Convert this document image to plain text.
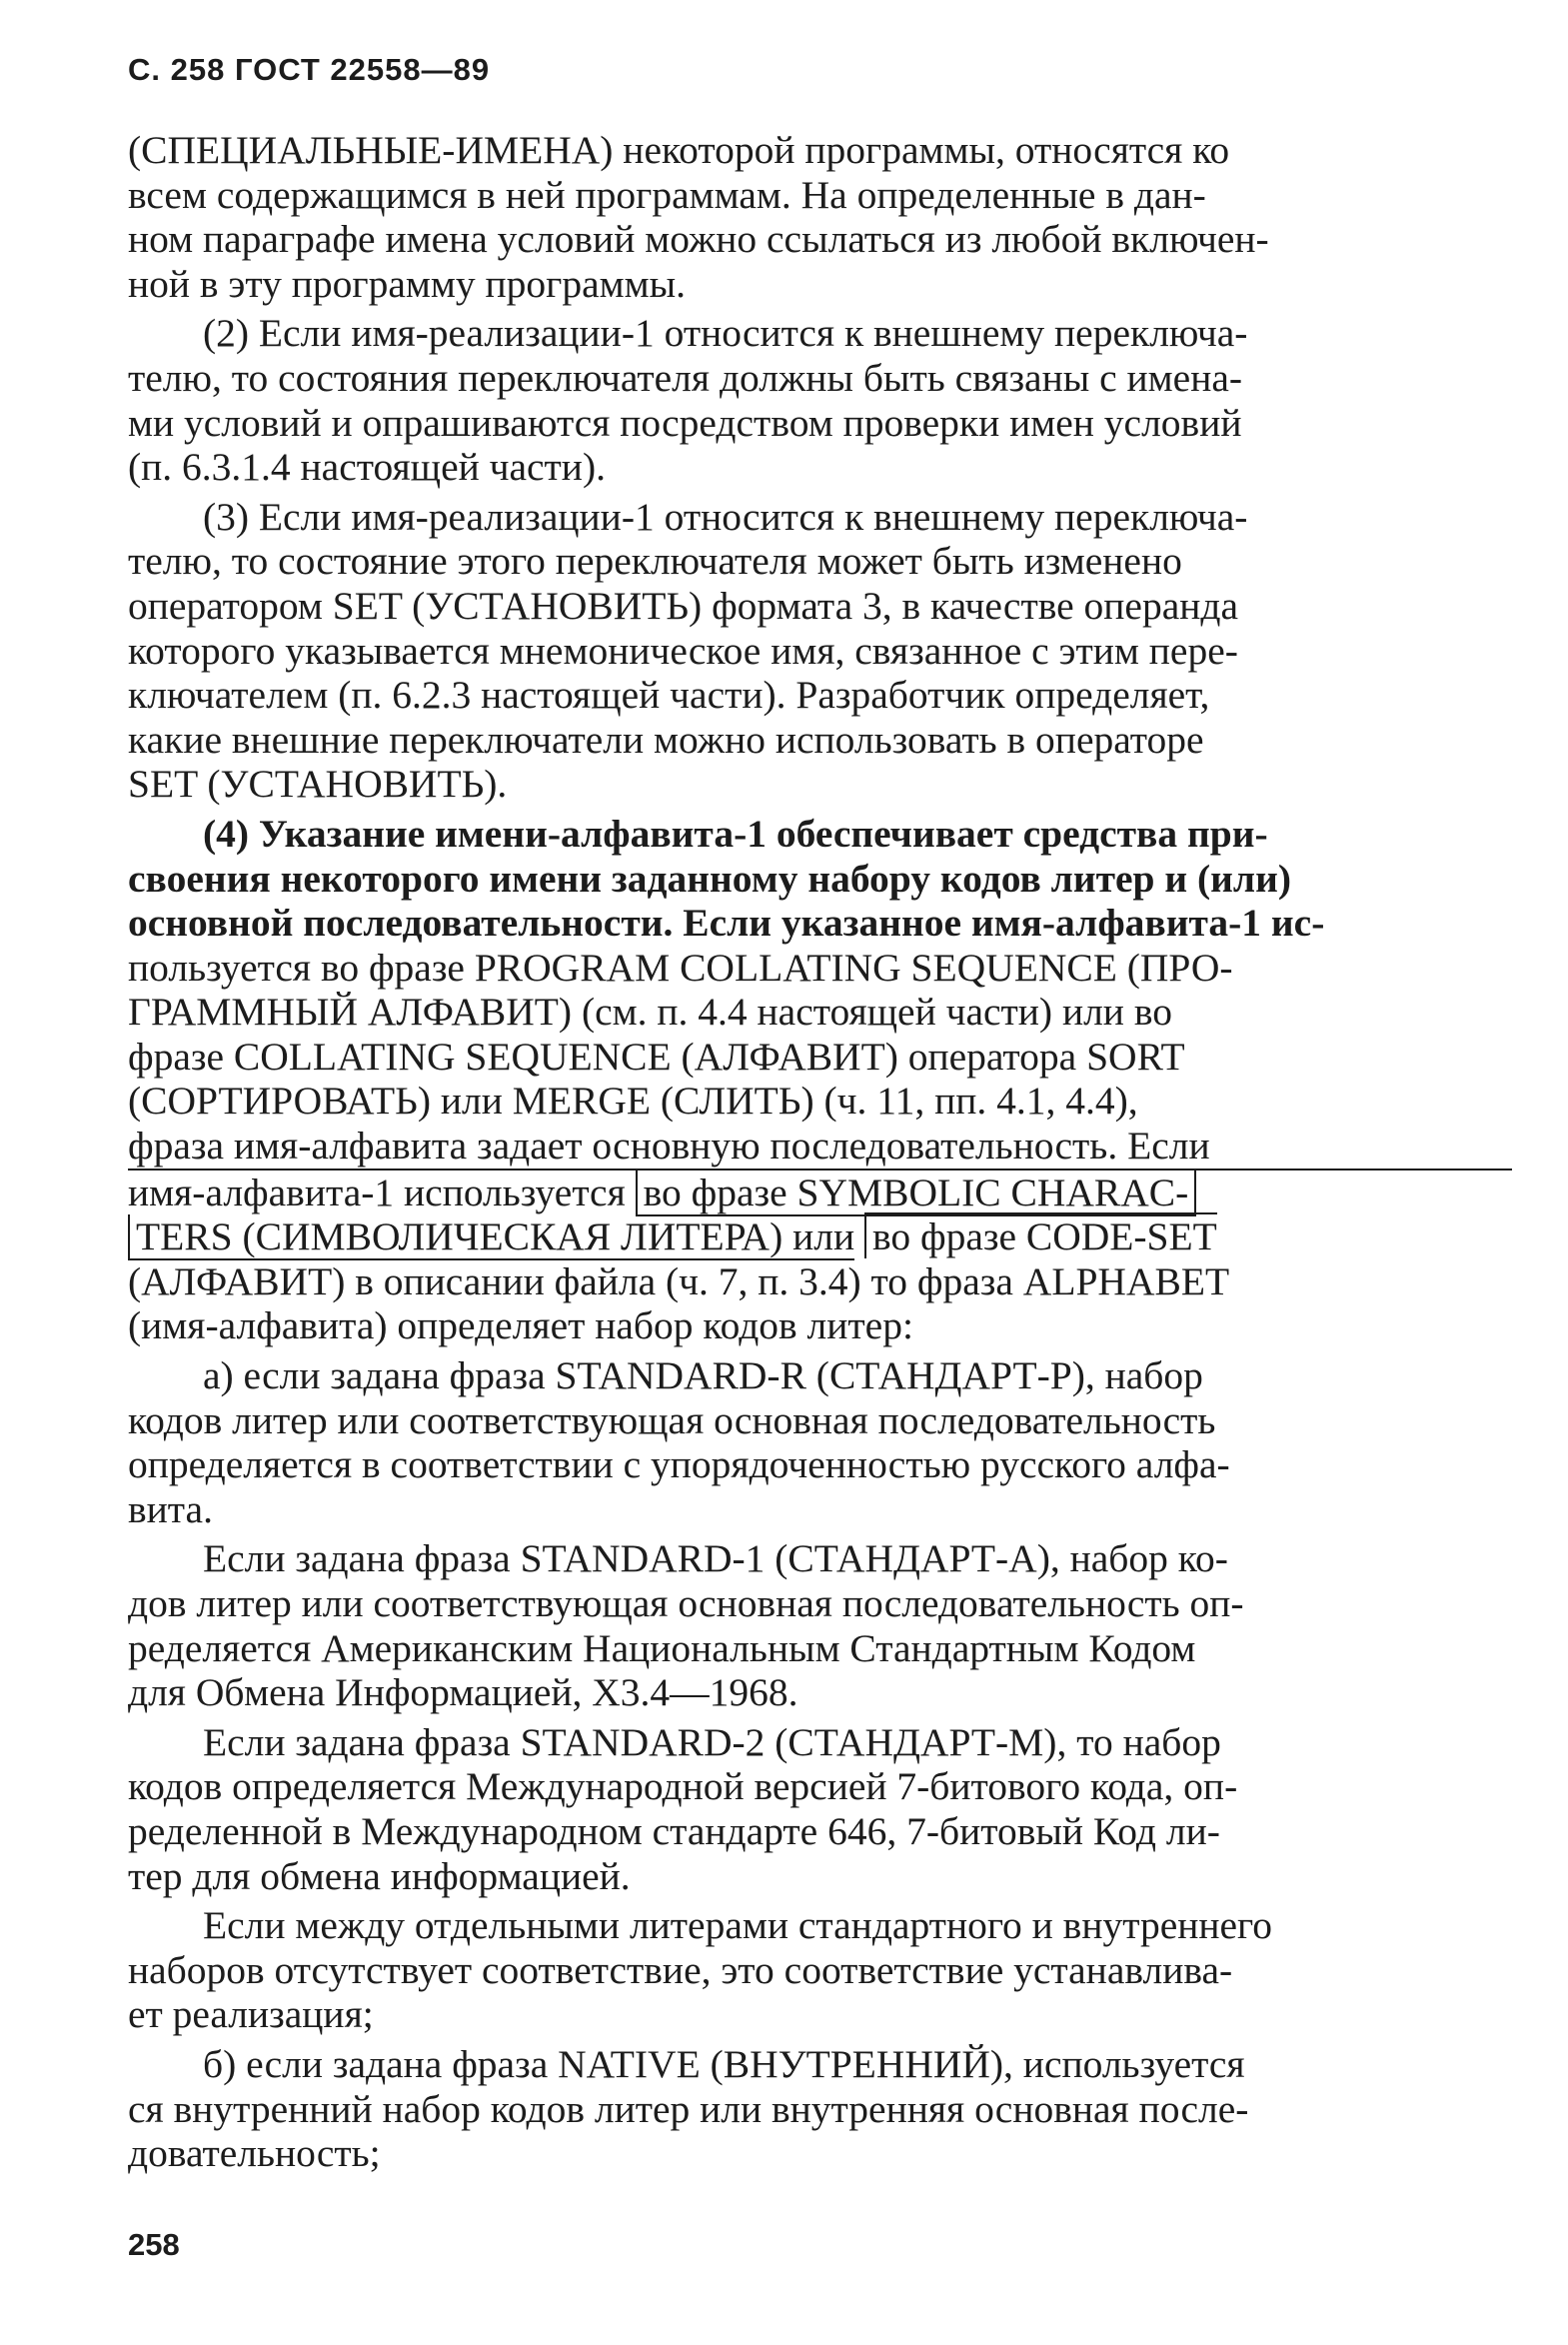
С. 258 ГОСТ 22558—89
(СПЕЦИАЛЬНЫЕ-ИМЕНА) некоторой программы, относятся ко
всем содержащимся в ней программам. На определенные в дан-
ном параграфе имена условий можно ссылаться из любой включен-
ной в эту программу программы.
(2) Если имя-реализации-1 относится к внешнему переключа-
телю, то состояния переключателя должны быть связаны с имена-
ми условий и опрашиваются посредством проверки имен условий
(п. 6.3.1.4 настоящей части).
(3) Если имя-реализации-1 относится к внешнему переключа-
телю, то состояние этого переключателя может быть изменено
оператором SET (УСТАНОВИТЬ) формата 3, в качестве операнда
которого указывается мнемоническое имя, связанное с этим пере-
ключателем (п. 6.2.3 настоящей части). Разработчик определяет,
какие внешние переключатели можно использовать в операторе
SET (УСТАНОВИТЬ).
(4) Указание имени-алфавита-1 обеспечивает средства при-
своения некоторого имени заданному набору кодов литер и (или)
основной последовательности. Если указанное имя-алфавита-1 ис-
пользуется во фразе PROGRAM COLLATING SEQUENCE (ПРО-
ГРАММНЫЙ АЛФАВИТ) (см. п. 4.4 настоящей части) или во
фразе COLLATING SEQUENCE (АЛФАВИТ) оператора SORT
(СОРТИРОВАТЬ) или MERGE (СЛИТЬ) (ч. 11, пп. 4.1, 4.4),
фраза имя-алфавита задает основную последовательность. Если
имя-алфавита-1 используется во фразе SYMBOLIC CHARAC-
TERS (СИМВОЛИЧЕСКАЯ ЛИТЕРА) или во фразе CODE-SET
(АЛФАВИТ) в описании файла (ч. 7, п. 3.4) то фраза ALPHABET
(имя-алфавита) определяет набор кодов литер:
а) если задана фраза STANDARD-R (СТАНДАРТ-Р), набор
кодов литер или соответствующая основная последовательность
определяется в соответствии с упорядоченностью русского алфа-
вита.
Если задана фраза STANDARD-1 (СТАНДАРТ-А), набор ко-
дов литер или соответствующая основная последовательность оп-
ределяется Американским Национальным Стандартным Кодом
для Обмена Информацией, X3.4—1968.
Если задана фраза STANDARD-2 (СТАНДАРТ-М), то набор
кодов определяется Международной версией 7-битового кода, оп-
ределенной в Международном стандарте 646, 7-битовый Код ли-
тер для обмена информацией.
Если между отдельными литерами стандартного и внутреннего
наборов отсутствует соответствие, это соответствие устанавлива-
ет реализация;
б) если задана фраза NATIVE (ВНУТРЕННИЙ), используется
ся внутренний набор кодов литер или внутренняя основная после-
довательность;
258
